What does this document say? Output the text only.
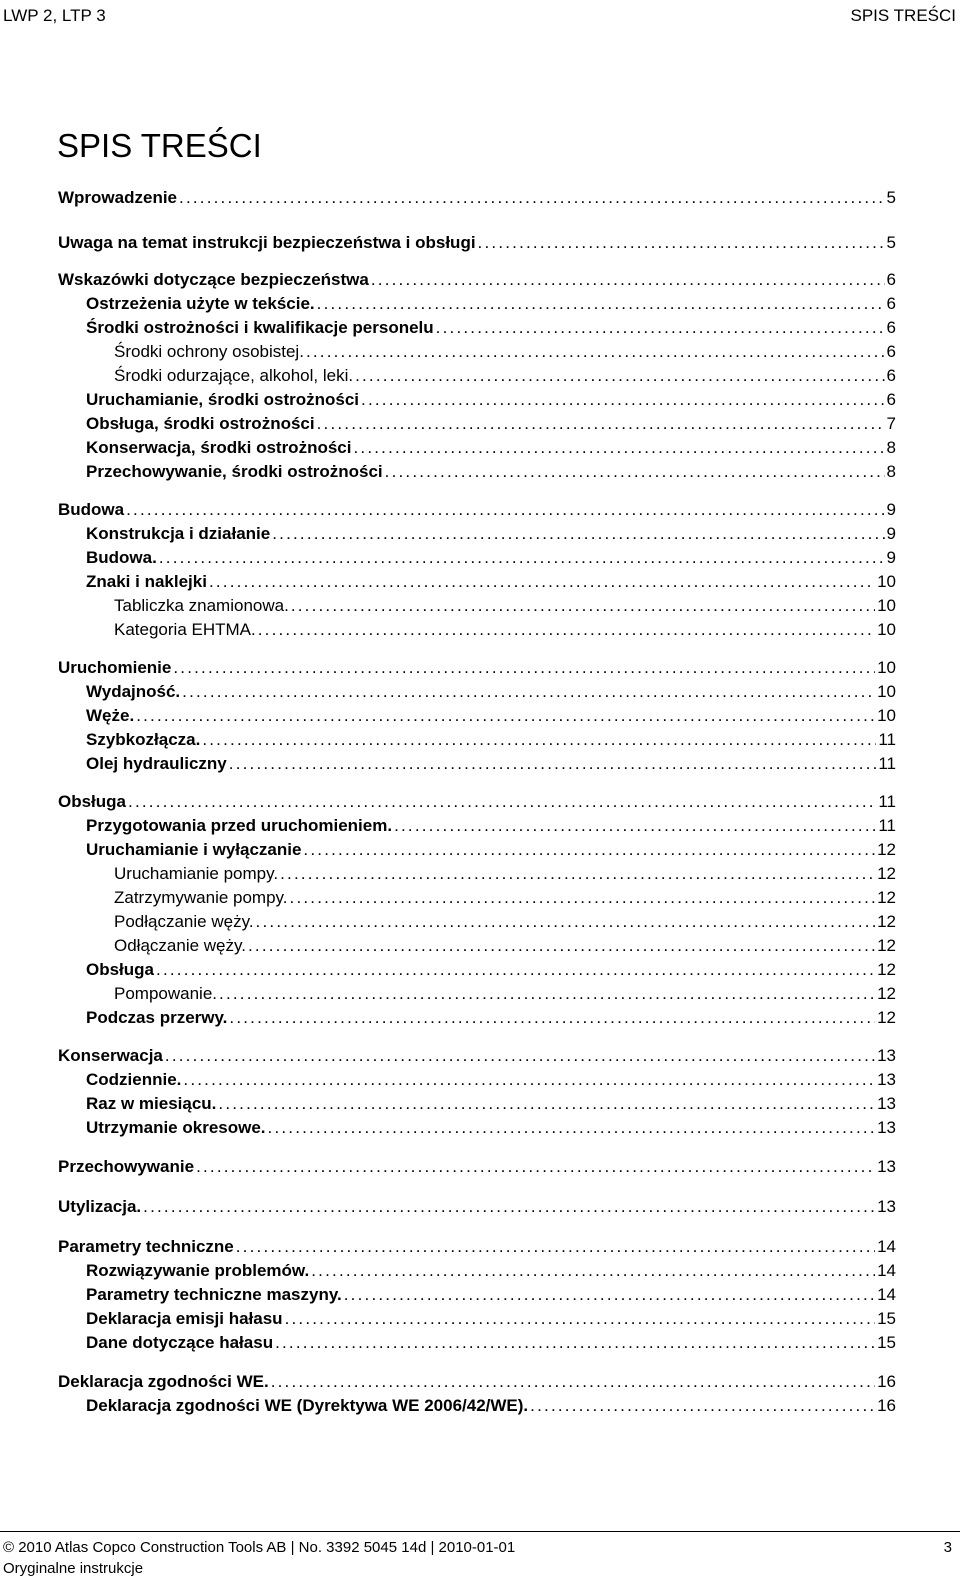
LWP 2, LTP 3	SPIS TREŚCI
SPIS TREŚCI
Wprowadzenie .....	5
Uwaga na temat instrukcji bezpieczeństwa i obsługi .....	5
Wskazówki dotyczące bezpieczeństwa .....	6
Ostrzeżenia użyte w tekście. .....	6
Środki ostrożności i kwalifikacje personelu .....	6
Środki ochrony osobistej. .....	6
Środki odurzające, alkohol, leki. .....	6
Uruchamianie, środki ostrożności .....	6
Obsługa, środki ostrożności .....	7
Konserwacja, środki ostrożności .....	8
Przechowywanie, środki ostrożności .....	8
Budowa .....	9
Konstrukcja i działanie .....	9
Budowa. .....	9
Znaki i naklejki .....	10
Tabliczka znamionowa. .....	10
Kategoria EHTMA. .....	10
Uruchomienie .....	10
Wydajność. .....	10
Węże. .....	10
Szybkozłącza. .....	11
Olej hydrauliczny .....	11
Obsługa .....	11
Przygotowania przed uruchomieniem. .....	11
Uruchamianie i wyłączanie .....	12
Uruchamianie pompy. .....	12
Zatrzymywanie pompy. .....	12
Podłączanie węży. .....	12
Odłączanie węży. .....	12
Obsługa .....	12
Pompowanie. .....	12
Podczas przerwy. .....	12
Konserwacja .....	13
Codziennie. .....	13
Raz w miesiącu. .....	13
Utrzymanie okresowe. .....	13
Przechowywanie .....	13
Utylizacja. .....	13
Parametry techniczne .....	14
Rozwiązywanie problemów. .....	14
Parametry techniczne maszyny. .....	14
Deklaracja emisji hałasu .....	15
Dane dotyczące hałasu .....	15
Deklaracja zgodności WE. .....	16
Deklaracja zgodności WE (Dyrektywa WE 2006/42/WE). .....	16
© 2010 Atlas Copco Construction Tools AB | No. 3392 5045 14d | 2010-01-01	3
Oryginalne instrukcje
